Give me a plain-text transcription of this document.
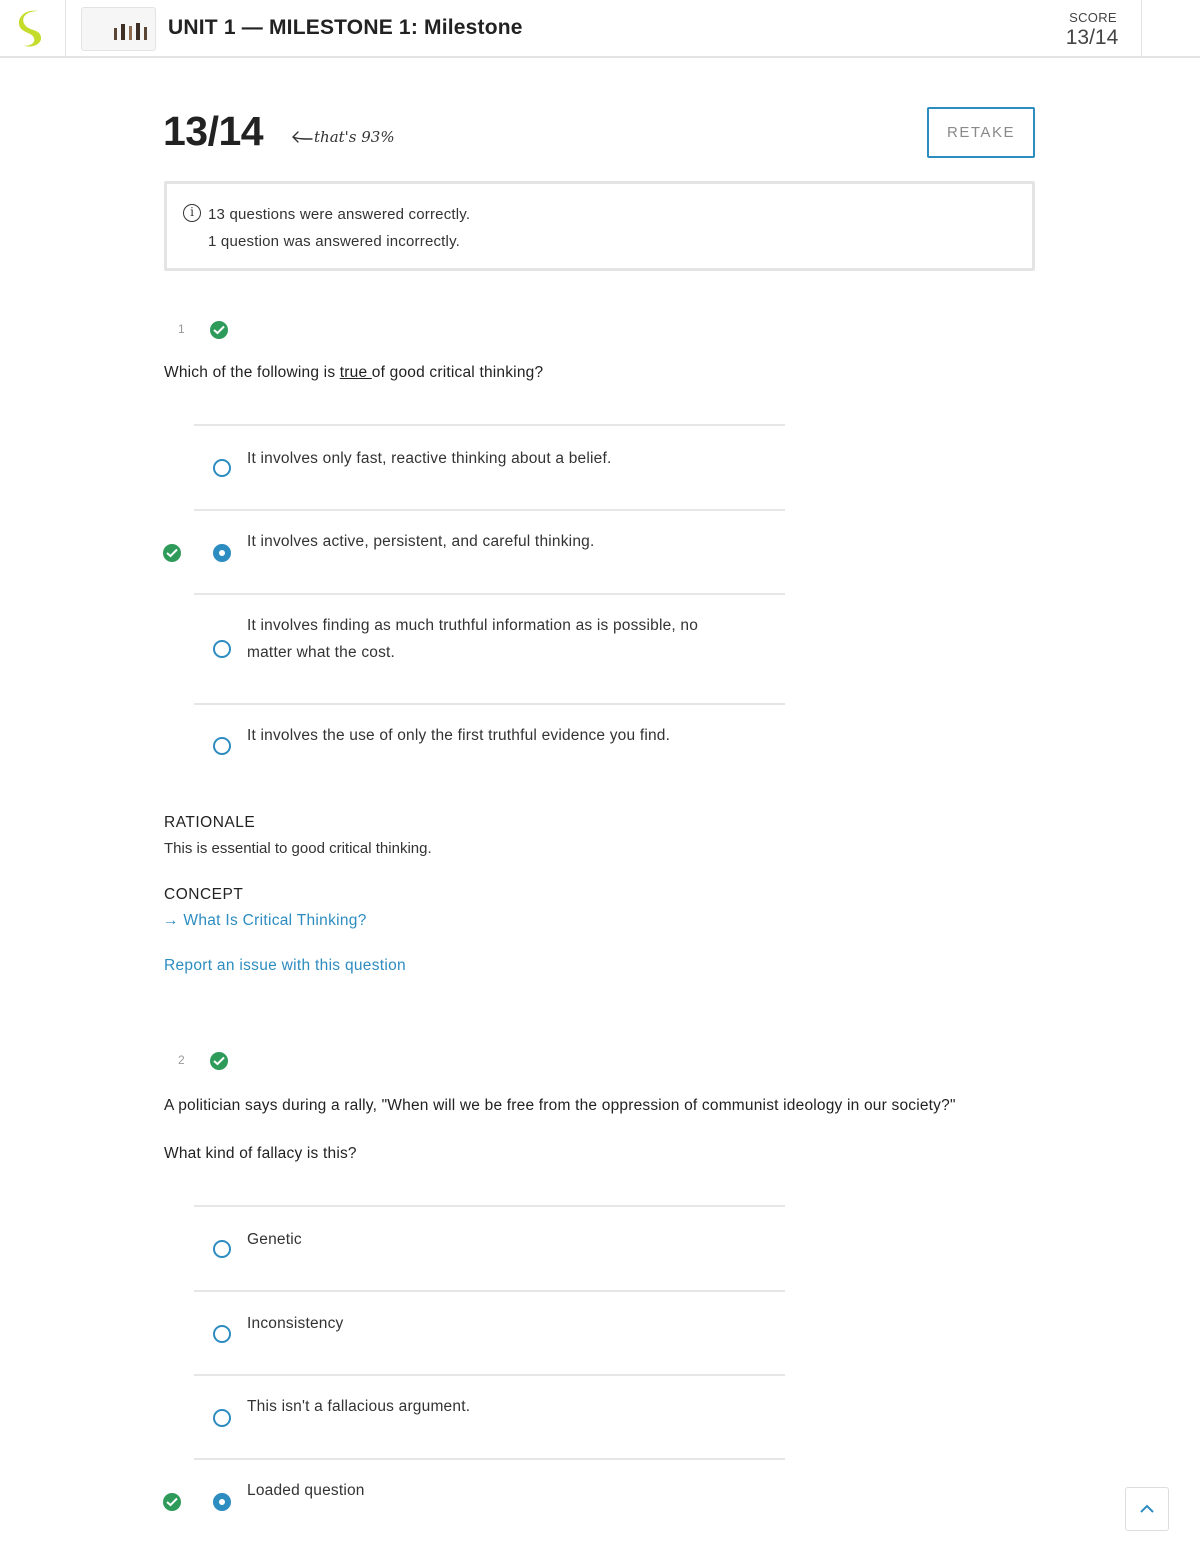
UNIT 1 — MILESTONE 1: Milestone	SCORE
13/14
13/14	that's 93%	RETAKE
i 13 questions were answered correctly.
1 question was answered incorrectly.
1
Which of the following is true of good critical thinking?
It involves only fast, reactive thinking about a belief.
It involves active, persistent, and careful thinking.
It involves finding as much truthful information as is possible, no matter what the cost.
It involves the use of only the first truthful evidence you find.
RATIONALE
This is essential to good critical thinking.
CONCEPT
→ What Is Critical Thinking?
Report an issue with this question
2
A politician says during a rally, "When will we be free from the oppression of communist ideology in our society?"
What kind of fallacy is this?
Genetic
Inconsistency
This isn't a fallacious argument.
Loaded question
